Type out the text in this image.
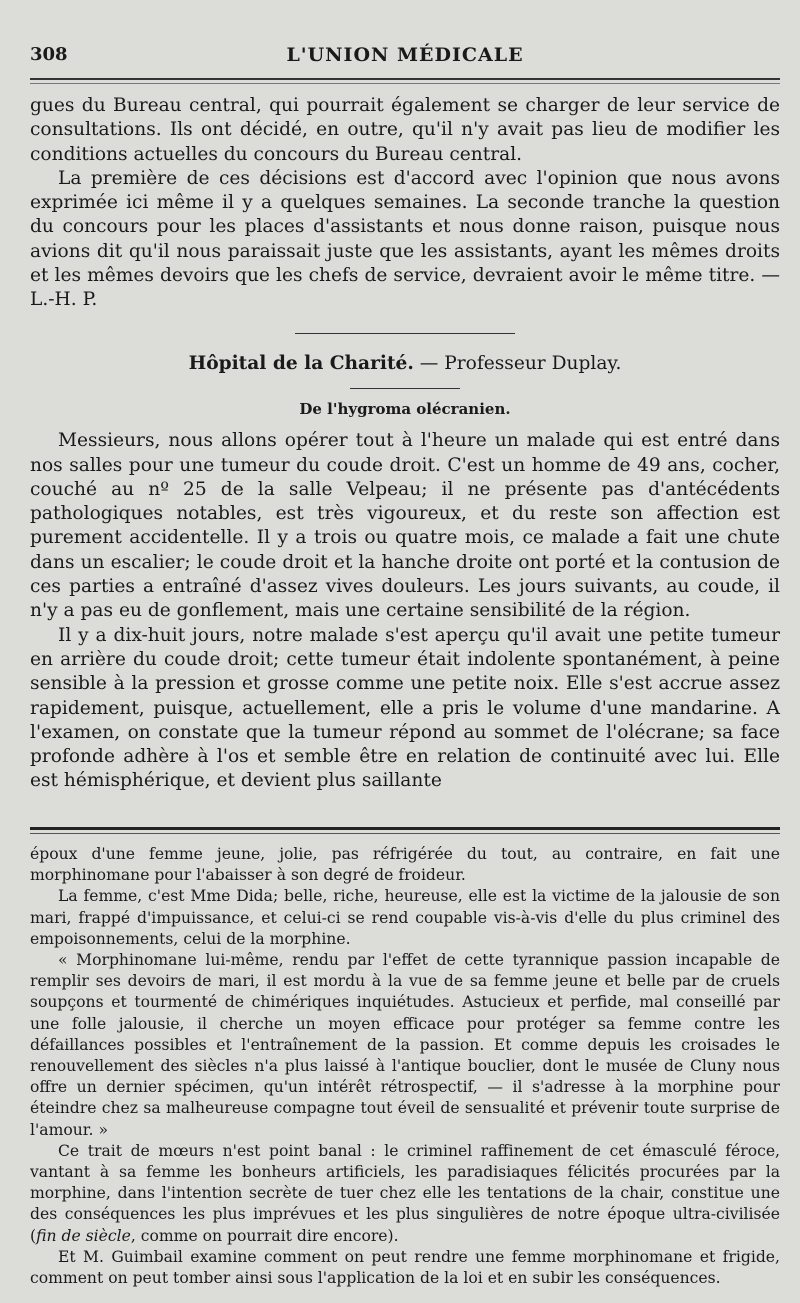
308	L'UNION MÉDICALE

gues du Bureau central, qui pourrait également se charger de leur service de consultations. Ils ont décidé, en outre, qu'il n'y avait pas lieu de modifier les conditions actuelles du concours du Bureau central.

La première de ces décisions est d'accord avec l'opinion que nous avons exprimée ici même il y a quelques semaines. La seconde tranche la question du concours pour les places d'assistants et nous donne raison, puisque nous avions dit qu'il nous paraissait juste que les assistants, ayant les mêmes droits et les mêmes devoirs que les chefs de service, devraient avoir le même titre. — L.-H. P.

Hôpital de la Charité. — Professeur Duplay.
De l'hygroma olécranien.

Messieurs, nous allons opérer tout à l'heure un malade qui est entré dans nos salles pour une tumeur du coude droit. C'est un homme de 49 ans, cocher, couché au nº 25 de la salle Velpeau; il ne présente pas d'antécédents pathologiques notables, est très vigoureux, et du reste son affection est purement accidentelle. Il y a trois ou quatre mois, ce malade a fait une chute dans un escalier; le coude droit et la hanche droite ont porté et la contusion de ces parties a entraîné d'assez vives douleurs. Les jours suivants, au coude, il n'y a pas eu de gonflement, mais une certaine sensibilité de la région.

Il y a dix-huit jours, notre malade s'est aperçu qu'il avait une petite tumeur en arrière du coude droit; cette tumeur était indolente spontanément, à peine sensible à la pression et grosse comme une petite noix. Elle s'est accrue assez rapidement, puisque, actuellement, elle a pris le volume d'une mandarine. A l'examen, on constate que la tumeur répond au sommet de l'olécrane; sa face profonde adhère à l'os et semble être en relation de continuité avec lui. Elle est hémisphérique, et devient plus saillante

époux d'une femme jeune, jolie, pas réfrigérée du tout, au contraire, en fait une morphinomane pour l'abaisser à son degré de froideur.

La femme, c'est Mme Dida; belle, riche, heureuse, elle est la victime de la jalousie de son mari, frappé d'impuissance, et celui-ci se rend coupable vis-à-vis d'elle du plus criminel des empoisonnements, celui de la morphine.

« Morphinomane lui-même, rendu par l'effet de cette tyrannique passion incapable de remplir ses devoirs de mari, il est mordu à la vue de sa femme jeune et belle par de cruels soupçons et tourmenté de chimériques inquiétudes. Astucieux et perfide, mal conseillé par une folle jalousie, il cherche un moyen efficace pour protéger sa femme contre les défaillances possibles et l'entraînement de la passion. Et comme depuis les croisades le renouvellement des siècles n'a plus laissé à l'antique bouclier, dont le musée de Cluny nous offre un dernier spécimen, qu'un intérêt rétrospectif, — il s'adresse à la morphine pour éteindre chez sa malheureuse compagne tout éveil de sensualité et prévenir toute surprise de l'amour. »

Ce trait de mœurs n'est point banal : le criminel raffinement de cet émasculé féroce, vantant à sa femme les bonheurs artificiels, les paradisiaques félicités procurées par la morphine, dans l'intention secrète de tuer chez elle les tentations de la chair, constitue une des conséquences les plus imprévues et les plus singulières de notre époque ultra-civilisée (fin de siècle, comme on pourrait dire encore).

Et M. Guimbail examine comment on peut rendre une femme morphinomane et frigide, comment on peut tomber ainsi sous l'application de la loi et en subir les conséquences.
